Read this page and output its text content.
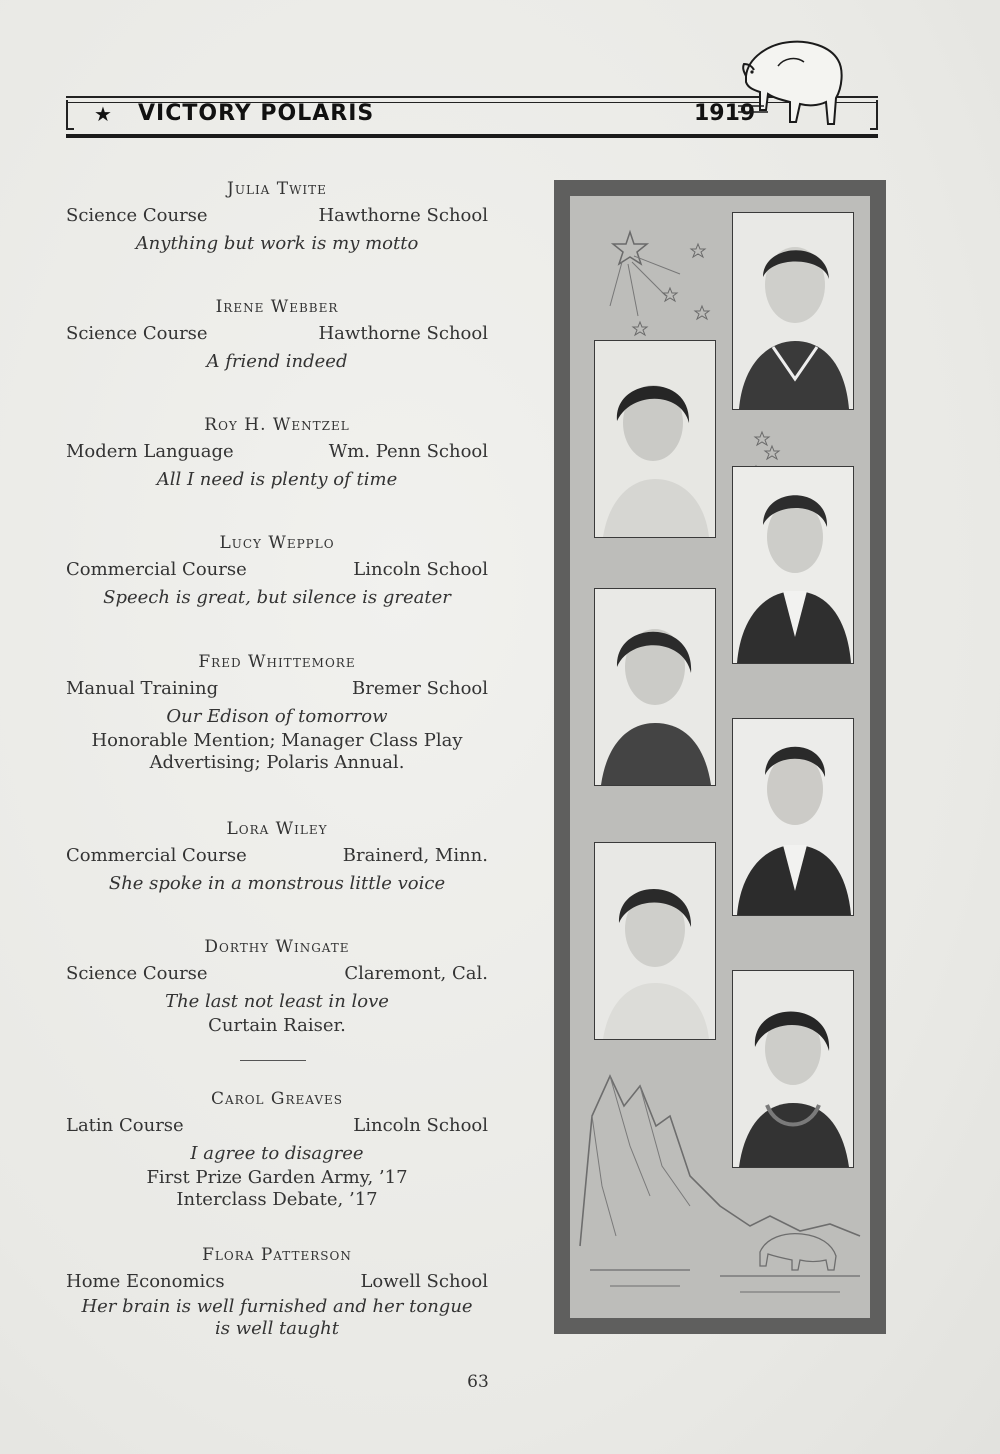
★ VICTORY POLARIS	1919
Julia Twite
Science Course	Hawthorne School
Anything but work is my motto
Irene Webber
Science Course	Hawthorne School
A friend indeed
Roy H. Wentzel
Modern Language	Wm. Penn School
All I need is plenty of time
Lucy Wepplo
Commercial Course	Lincoln School
Speech is great, but silence is greater
Fred Whittemore
Manual Training	Bremer School
Our Edison of tomorrow
Honorable Mention; Manager Class Play
Advertising; Polaris Annual.
Lora Wiley
Commercial Course	Brainerd, Minn.
She spoke in a monstrous little voice
Dorthy Wingate
Science Course	Claremont, Cal.
The last not least in love
Curtain Raiser.
Carol Greaves
Latin Course	Lincoln School
I agree to disagree
First Prize Garden Army, ’17
Interclass Debate, ’17
Flora Patterson
Home Economics	Lowell School
Her brain is well furnished and her tongue
is well taught
63
